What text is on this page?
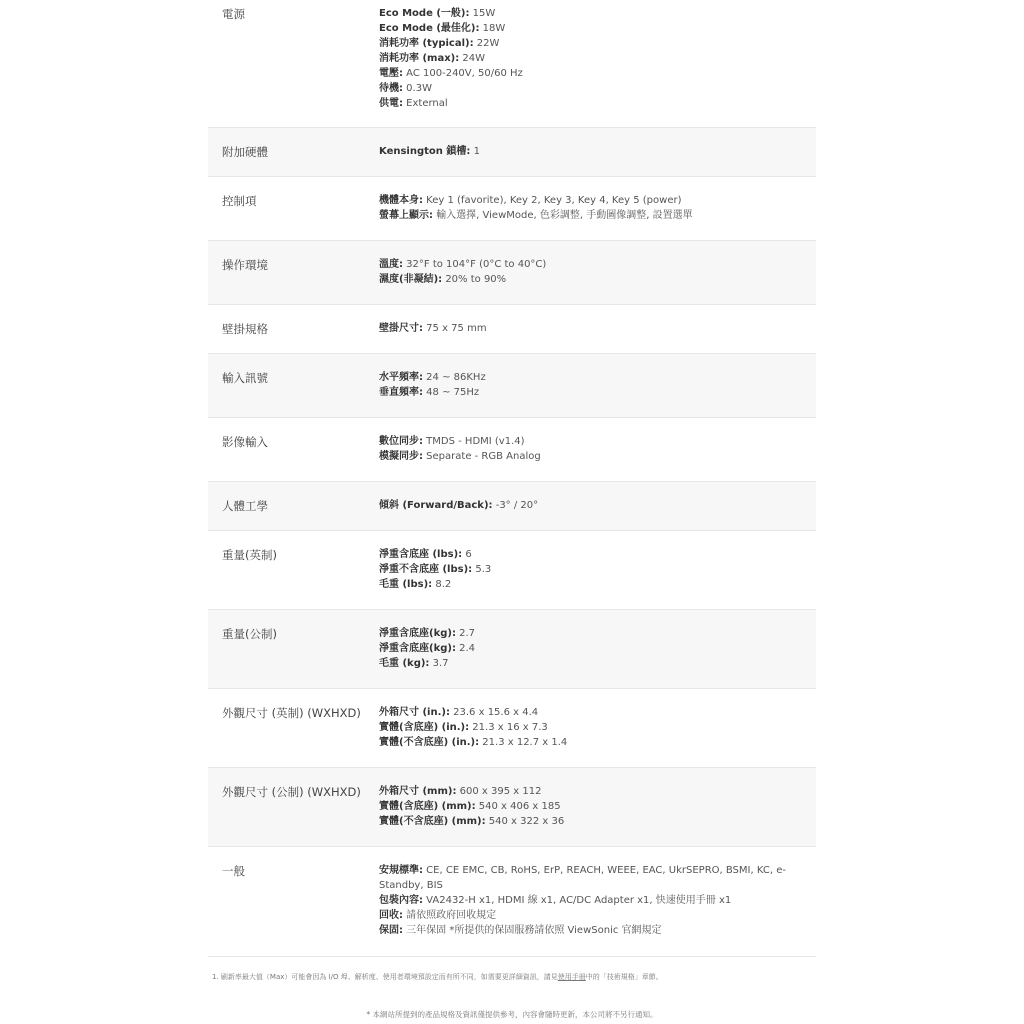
電源	Eco Mode (一般): 15W
Eco Mode (最佳化): 18W
消耗功率 (typical): 22W
消耗功率 (max): 24W
電壓: AC 100-240V, 50/60 Hz
待機: 0.3W
供電: External
附加硬體	Kensington 鎖槽: 1
控制項	機體本身: Key 1 (favorite), Key 2, Key 3, Key 4, Key 5 (power)
螢幕上顯示: 輸入選擇, ViewMode, 色彩調整, 手動圖像調整, 設置選單
操作環境	溫度: 32°F to 104°F (0°C to 40°C)
濕度(非凝結): 20% to 90%
壁掛規格	壁掛尺寸: 75 x 75 mm
輸入訊號	水平頻率: 24 ~ 86KHz
垂直頻率: 48 ~ 75Hz
影像輸入	數位同步: TMDS - HDMI (v1.4)
模擬同步: Separate - RGB Analog
人體工學	傾斜 (Forward/Back): -3° / 20°
重量(英制)	淨重含底座 (lbs): 6
淨重不含底座 (lbs): 5.3
毛重 (lbs): 8.2
重量(公制)	淨重含底座(kg): 2.7
淨重含底座(kg): 2.4
毛重 (kg): 3.7
外觀尺寸 (英制) (WXHXD)	外箱尺寸 (in.): 23.6 x 15.6 x 4.4
實體(含底座) (in.): 21.3 x 16 x 7.3
實體(不含底座) (in.): 21.3 x 12.7 x 1.4
外觀尺寸 (公制) (WXHXD)	外箱尺寸 (mm): 600 x 395 x 112
實體(含底座) (mm): 540 x 406 x 185
實體(不含底座) (mm): 540 x 322 x 36
一般	安規標準: CE, CE EMC, CB, RoHS, ErP, REACH, WEEE, EAC, UkrSEPRO, BSMI, KC, e-Standby, BIS
包裝內容: VA2432-H x1, HDMI 線 x1, AC/DC Adapter x1, 快速使用手冊 x1
回收: 請依照政府回收規定
保固: 三年保固 *所提供的保固服務請依照 ViewSonic 官網規定
1. 刷新率最大值（Max）可能會因為 I/O 埠、解析度、使用者環境預設定而有所不同，如需要更詳細資訊，請見使用手冊中的「技術規格」章節。
* 本網站所提到的產品規格及資訊僅提供參考，內容會隨時更新，本公司將不另行通知。
